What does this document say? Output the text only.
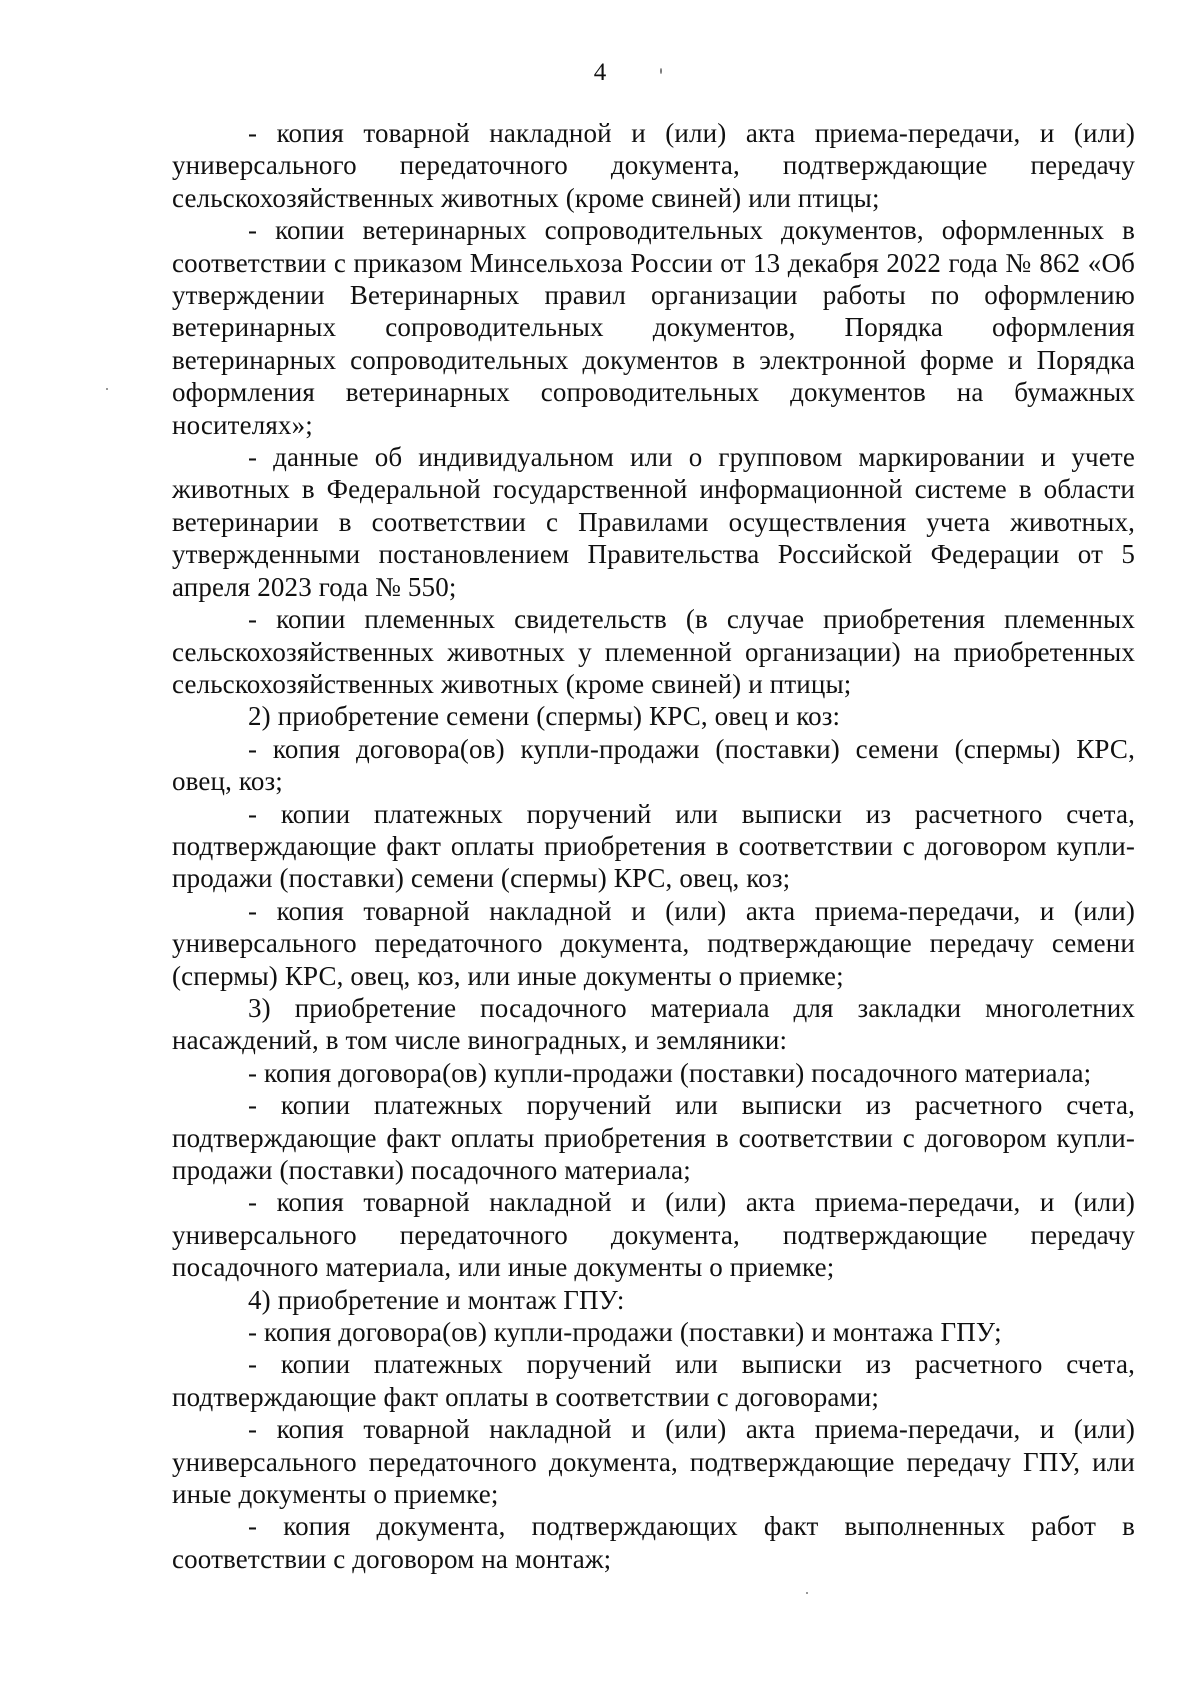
4

- копия товарной накладной и (или) акта приема-передачи, и (или) универсального передаточного документа, подтверждающие передачу сельскохозяйственных животных (кроме свиней) или птицы;

- копии ветеринарных сопроводительных документов, оформленных в соответствии с приказом Минсельхоза России от 13 декабря 2022 года № 862 «Об утверждении Ветеринарных правил организации работы по оформлению ветеринарных сопроводительных документов, Порядка оформления ветеринарных сопроводительных документов в электронной форме и Порядка оформления ветеринарных сопроводительных документов на бумажных носителях»;

- данные об индивидуальном или о групповом маркировании и учете животных в Федеральной государственной информационной системе в области ветеринарии в соответствии с Правилами осуществления учета животных, утвержденными постановлением Правительства Российской Федерации от 5 апреля 2023 года № 550;

- копии племенных свидетельств (в случае приобретения племенных сельскохозяйственных животных у племенной организации) на приобретенных сельскохозяйственных животных (кроме свиней) и птицы;

2) приобретение семени (спермы) КРС, овец и коз:

- копия договора(ов) купли-продажи (поставки) семени (спермы) КРС, овец, коз;

- копии платежных поручений или выписки из расчетного счета, подтверждающие факт оплаты приобретения в соответствии с договором купли-продажи (поставки) семени (спермы) КРС, овец, коз;

- копия товарной накладной и (или) акта приема-передачи, и (или) универсального передаточного документа, подтверждающие передачу семени (спермы) КРС, овец, коз, или иные документы о приемке;

3) приобретение посадочного материала для закладки многолетних насаждений, в том числе виноградных, и земляники:

- копия договора(ов) купли-продажи (поставки) посадочного материала;

- копии платежных поручений или выписки из расчетного счета, подтверждающие факт оплаты приобретения в соответствии с договором купли-продажи (поставки) посадочного материала;

- копия товарной накладной и (или) акта приема-передачи, и (или) универсального передаточного документа, подтверждающие передачу посадочного материала, или иные документы о приемке;

4) приобретение и монтаж ГПУ:

- копия договора(ов) купли-продажи (поставки) и монтажа ГПУ;

- копии платежных поручений или выписки из расчетного счета, подтверждающие факт оплаты в соответствии с договорами;

- копия товарной накладной и (или) акта приема-передачи, и (или) универсального передаточного документа, подтверждающие передачу ГПУ, или иные документы о приемке;

- копия документа, подтверждающих факт выполненных работ в соответствии с договором на монтаж;
